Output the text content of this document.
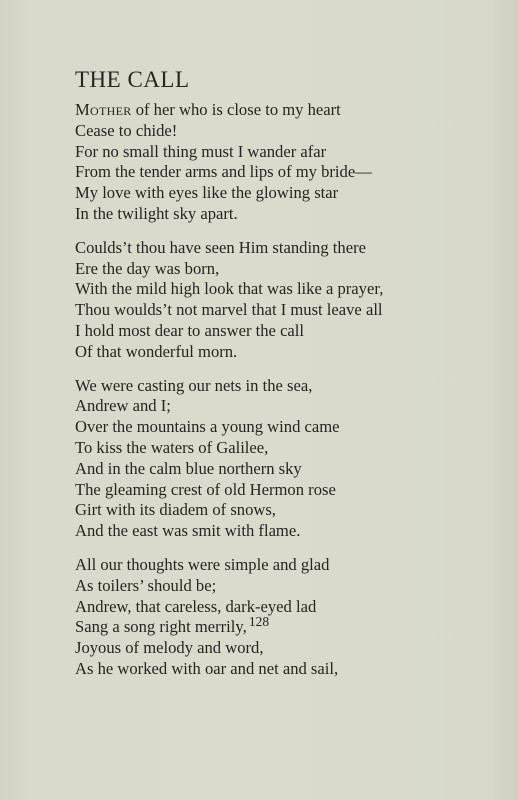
THE CALL
Mother of her who is close to my heart
Cease to chide!
For no small thing must I wander afar
From the tender arms and lips of my bride—
My love with eyes like the glowing star
In the twilight sky apart.
Coulds’t thou have seen Him standing there
Ere the day was born,
With the mild high look that was like a prayer,
Thou woulds’t not marvel that I must leave all
I hold most dear to answer the call
Of that wonderful morn.
We were casting our nets in the sea,
Andrew and I;
Over the mountains a young wind came
To kiss the waters of Galilee,
And in the calm blue northern sky
The gleaming crest of old Hermon rose
Girt with its diadem of snows,
And the east was smit with flame.
All our thoughts were simple and glad
As toilers’ should be;
Andrew, that careless, dark-eyed lad
Sang a song right merrily,
Joyous of melody and word,
As he worked with oar and net and sail,
128
